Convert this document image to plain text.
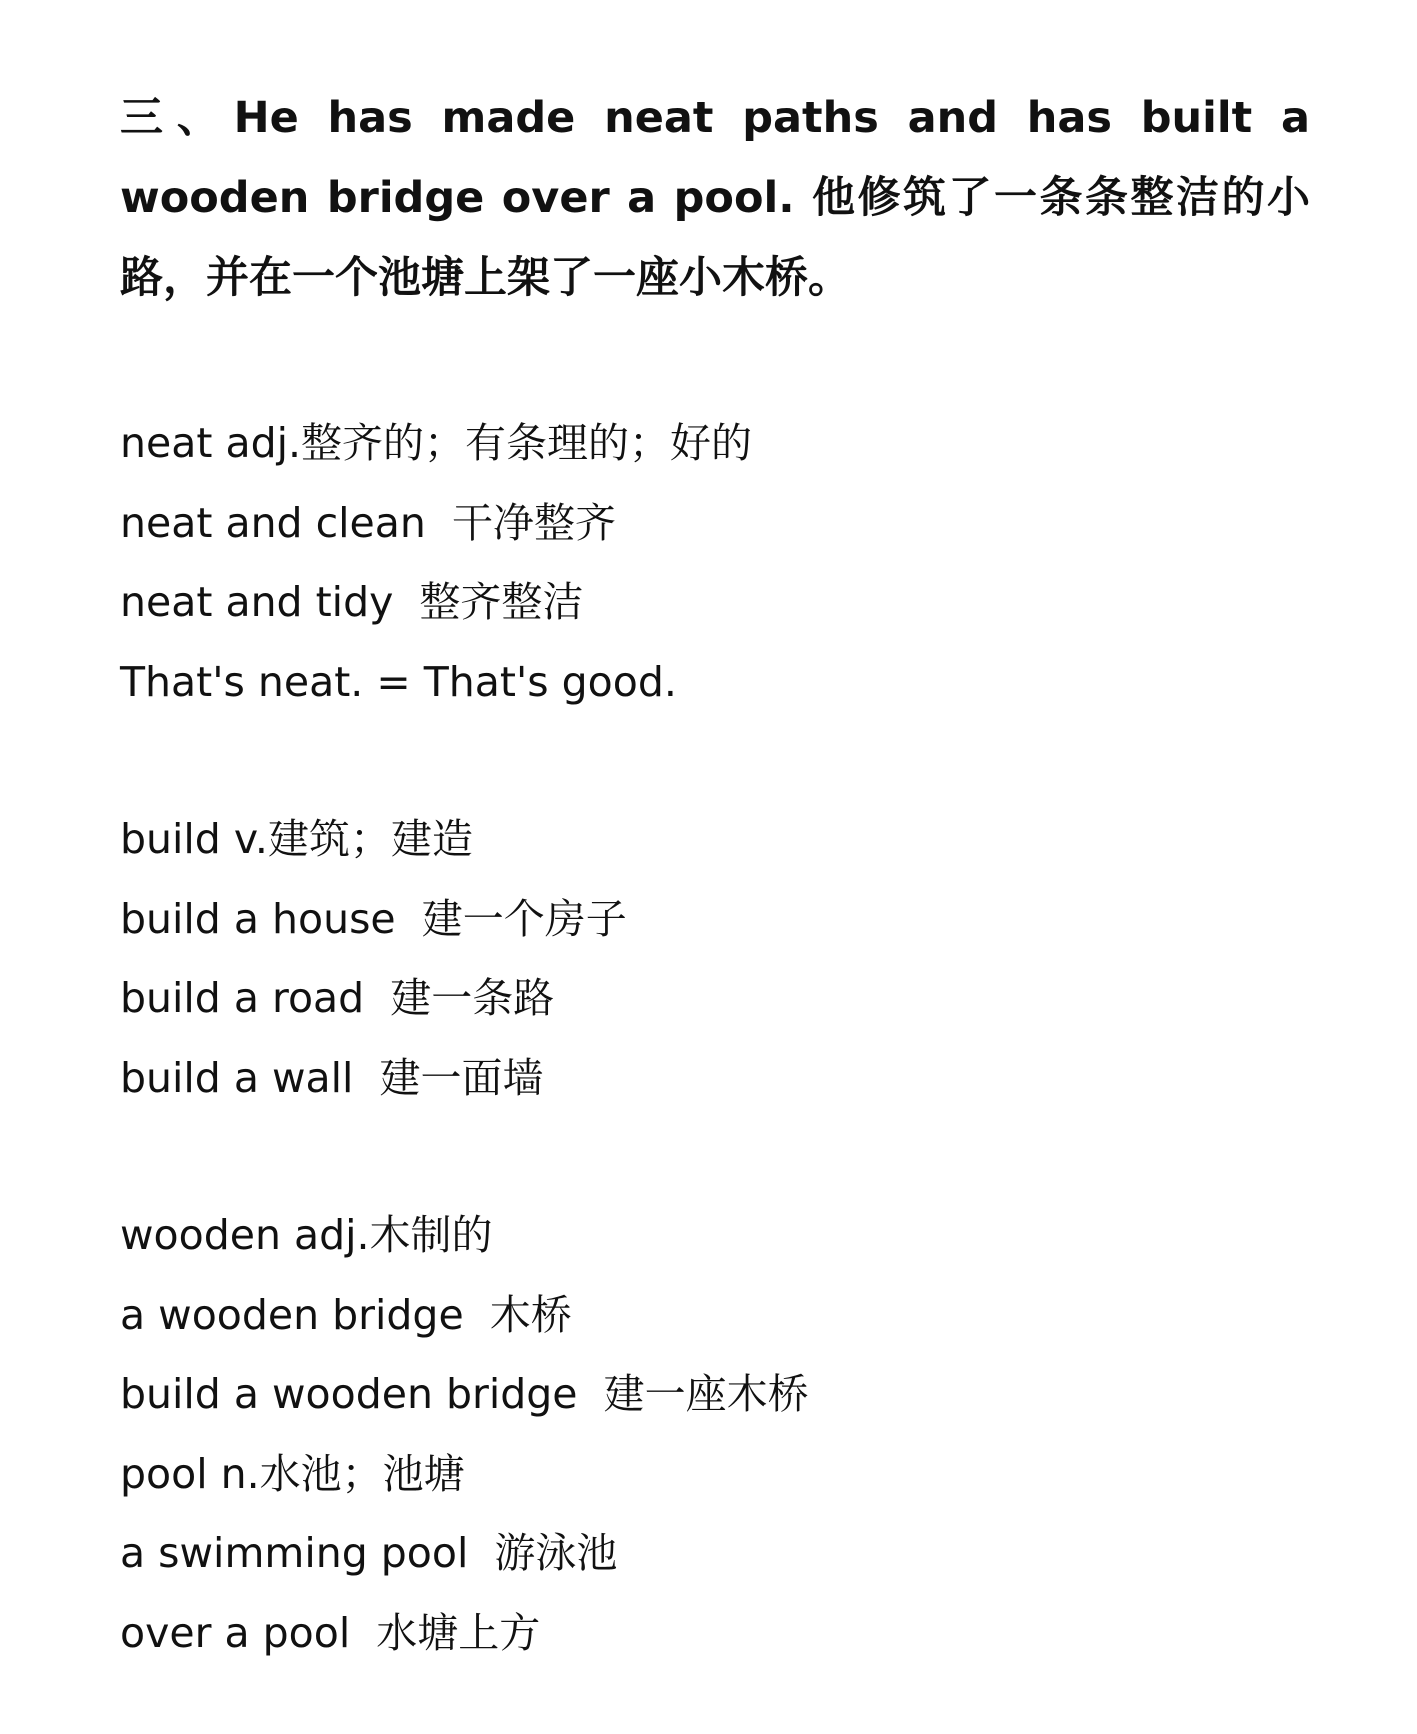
三、He has made neat paths and has built a wooden bridge over a pool. 他修筑了一条条整洁的小路，并在一个池塘上架了一座小木桥。

neat adj.整齐的；有条理的；好的

neat and clean  干净整齐

neat and tidy  整齐整洁

That's neat. = That's good.

build v.建筑；建造

build a house  建一个房子

build a road  建一条路

build a wall  建一面墙

wooden adj.木制的

a wooden bridge  木桥

build a wooden bridge  建一座木桥

pool n.水池；池塘

a swimming pool  游泳池

over a pool  水塘上方
